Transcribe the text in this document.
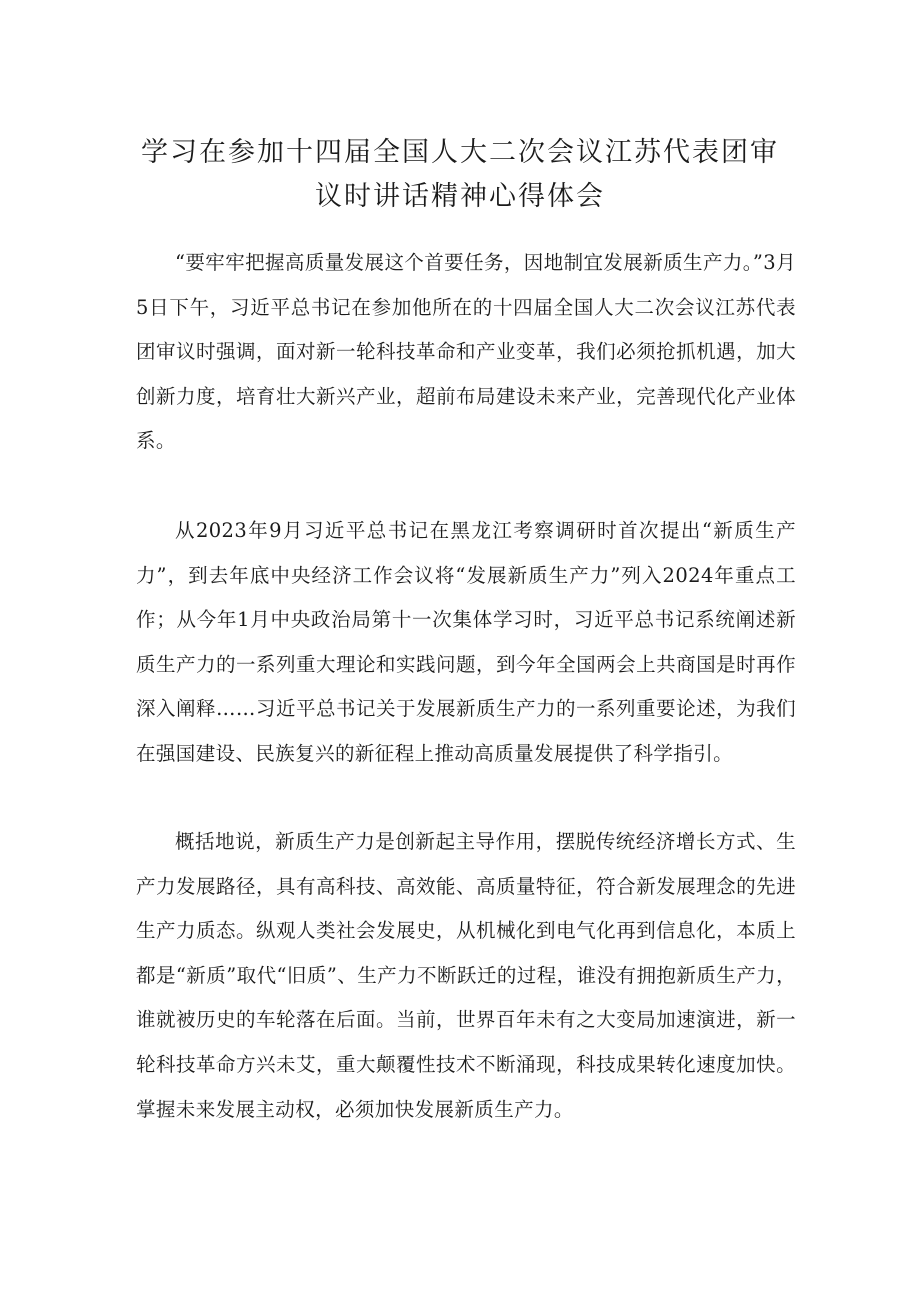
学习在参加十四届全国人大二次会议江苏代表团审
议时讲话精神心得体会

“要牢牢把握高质量发展这个首要任务，因地制宜发展新质生产力。”3月5日下午，习近平总书记在参加他所在的十四届全国人大二次会议江苏代表团审议时强调，面对新一轮科技革命和产业变革，我们必须抢抓机遇，加大创新力度，培育壮大新兴产业，超前布局建设未来产业，完善现代化产业体系。

从2023年9月习近平总书记在黑龙江考察调研时首次提出“新质生产力”，到去年底中央经济工作会议将“发展新质生产力”列入2024年重点工作；从今年1月中央政治局第十一次集体学习时，习近平总书记系统阐述新质生产力的一系列重大理论和实践问题，到今年全国两会上共商国是时再作深入阐释……习近平总书记关于发展新质生产力的一系列重要论述，为我们在强国建设、民族复兴的新征程上推动高质量发展提供了科学指引。

概括地说，新质生产力是创新起主导作用，摆脱传统经济增长方式、生产力发展路径，具有高科技、高效能、高质量特征，符合新发展理念的先进生产力质态。纵观人类社会发展史，从机械化到电气化再到信息化，本质上都是“新质”取代“旧质”、生产力不断跃迁的过程，谁没有拥抱新质生产力，谁就被历史的车轮落在后面。当前，世界百年未有之大变局加速演进，新一轮科技革命方兴未艾，重大颠覆性技术不断涌现，科技成果转化速度加快。掌握未来发展主动权，必须加快发展新质生产力。
